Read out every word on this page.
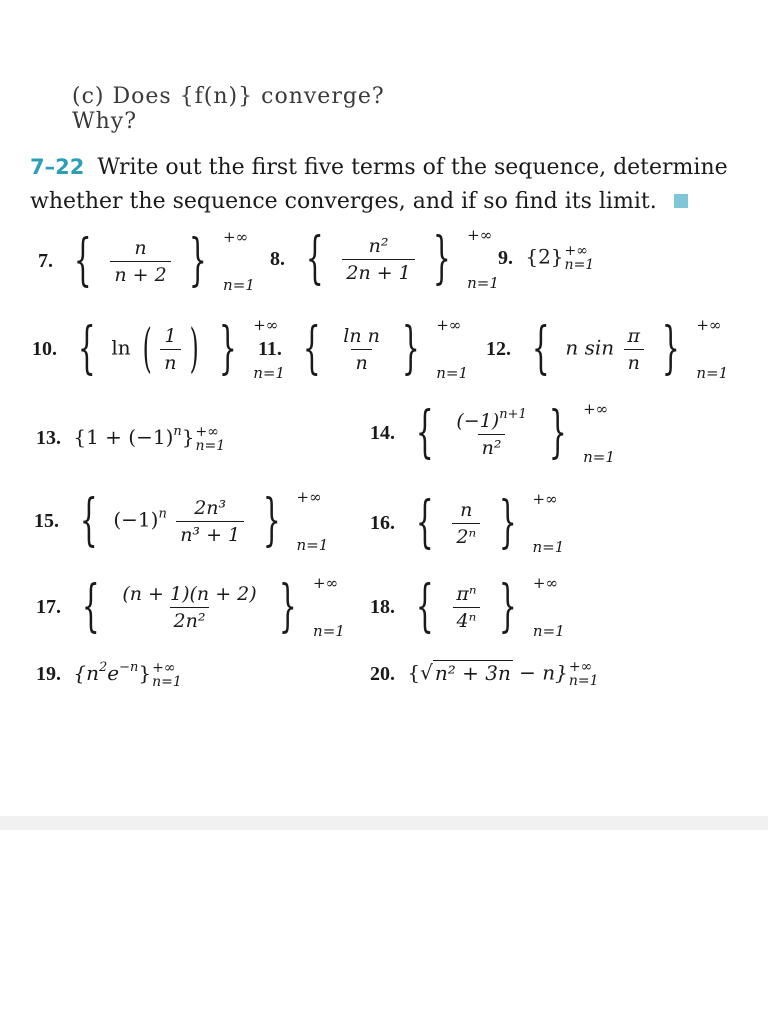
(c) Does {f(n)} converge? Why?
7–22 Write out the first five terms of the sequence, determine whether the sequence converges, and if so find its limit.
7. { $\frac{n}{n + 2}$ } +∞
n=1
8. { $\frac{\text{n²}}{2n + 1}$ } +∞
n=1
9. {2} +∞
n=1
10. { ln ( $\frac{1}{n}$ ) } +∞
n=1
11. { $\frac{\text{ln n}}{n}$ } +∞
n=1
12. { n $\sin \frac{\pi}{n}$ } +∞
n=1
13. $\{1 + (-1)^n\}$ +∞
n=1
14. { $\frac{(-1)^{n+1}}{\text{n²}}$ } +∞
n=1
15. { $(-1)^n \frac{\text{2n³}}{\text{n³ + 1}}$ } +∞
n=1
16. { $\frac{n}{\text{2ⁿ}}$ } +∞
n=1
17. { $\frac{(n + 1)(n + 2)}{\text{2n²}}$ } +∞
n=1
18. { $\frac{\text{πⁿ}}{\text{4ⁿ}}$ } +∞
n=1
19. $\{n^2e^{-n}\}$ +∞
n=1	20. {√ n² + 3n − n} +∞
n=1
